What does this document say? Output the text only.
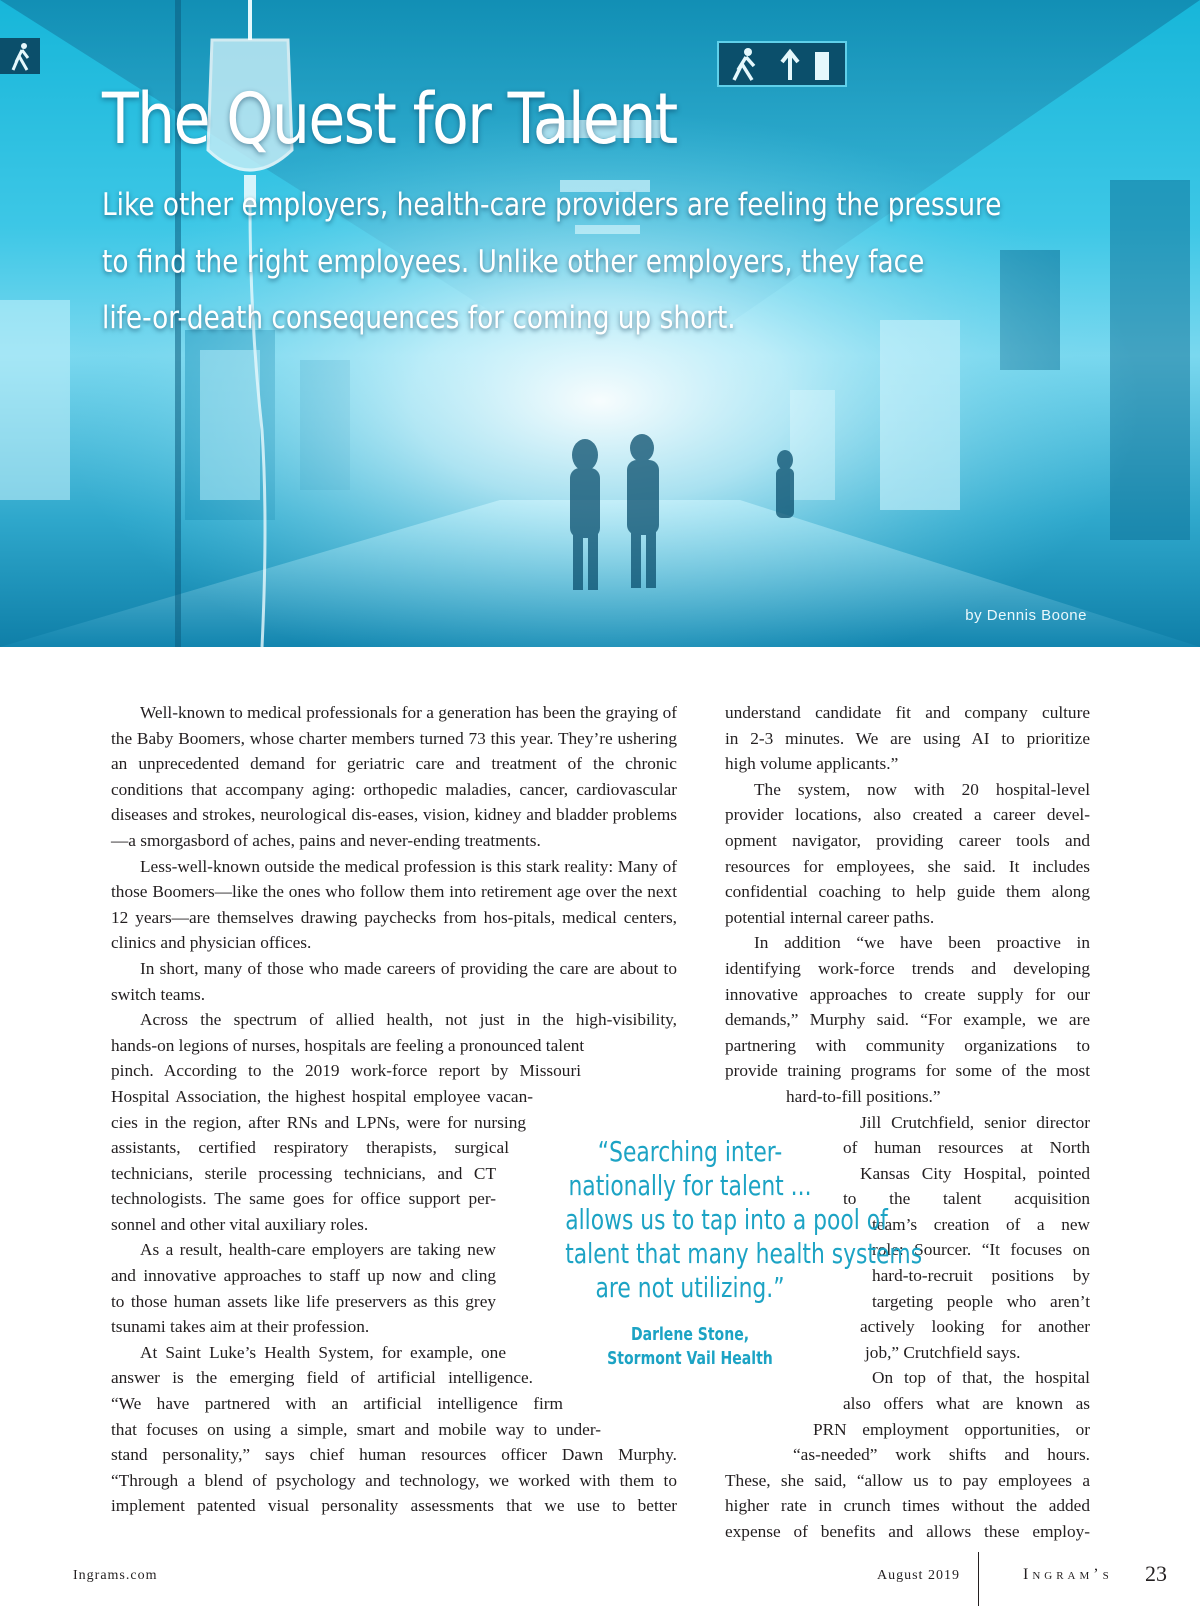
The Quest for Talent

Like other employers, health-care providers are feeling the pressure

to find the right employees. Unlike other employers, they face

life-or-death consequences for coming up short.

by Dennis Boone

Well-known to medical professionals for a generation has been the graying of the Baby Boomers, whose charter members turned 73 this year. They’re ushering an unprecedented demand for geriatric care and treatment of the chronic conditions that accompany aging: orthopedic maladies, cancer, cardiovascular diseases and strokes, neurological dis-eases, vision, kidney and bladder problems—a smorgasbord of aches, pains and never-ending treatments.

Less-well-known outside the medical profession is this stark reality: Many of those Boomers—like the ones who follow them into retirement age over the next 12 years—are themselves drawing paychecks from hos-pitals, medical centers, clinics and physician offices.

In short, many of those who made careers of providing the care are about to switch teams.

Across the spectrum of allied health, not just in the high-visibility,
hands-on legions of nurses, hospitals are feeling a pronounced talent
pinch. According to the 2019 work-force report by Missouri
Hospital Association, the highest hospital employee vacan-
cies in the region, after RNs and LPNs, were for nursing
assistants, certified respiratory therapists, surgical
technicians, sterile processing technicians, and CT
technologists. The same goes for office support per-
sonnel and other vital auxiliary roles.
As a result, health-care employers are taking new
and innovative approaches to staff up now and cling
to those human assets like life preservers as this grey
tsunami takes aim at their profession.
At Saint Luke’s Health System, for example, one
answer is the emerging field of artificial intelligence.
“We have partnered with an artificial intelligence firm
that focuses on using a simple, smart and mobile way to under-
stand personality,” says chief human resources officer Dawn Murphy.
“Through a blend of psychology and technology, we worked with them to
implement patented visual personality assessments that we use to better
understand candidate fit and company culture
in 2-3 minutes. We are using AI to prioritize
high volume applicants.”
The system, now with 20 hospital-level
provider locations, also created a career devel-
opment navigator, providing career tools and
resources for employees, she said. It includes
confidential coaching to help guide them along
potential internal career paths.
In addition “we have been proactive in
identifying work-force trends and developing
innovative approaches to create supply for our
demands,” Murphy said. “For example, we are
partnering with community organizations to
provide training programs for some of the most
hard-to-fill positions.”
Jill Crutchfield, senior director
of human resources at North
Kansas City Hospital, pointed
to the talent acquisition
team’s creation of a new
role: Sourcer. “It focuses on
hard-to-recruit positions by
targeting people who aren’t
actively looking for another
job,” Crutchfield says.
On top of that, the hospital
also offers what are known as
PRN employment opportunities, or
“as-needed” work shifts and hours.
These, she said, “allow us to pay employees a
higher rate in crunch times without the added
expense of benefits and allows these employ-

“Searching inter-
nationally for talent ...
allows us to tap into a pool of
talent that many health systems
are not utilizing.”

Darlene Stone,
Stormont Vail Health

Ingrams.com	August 2019	Ingram’s 23
